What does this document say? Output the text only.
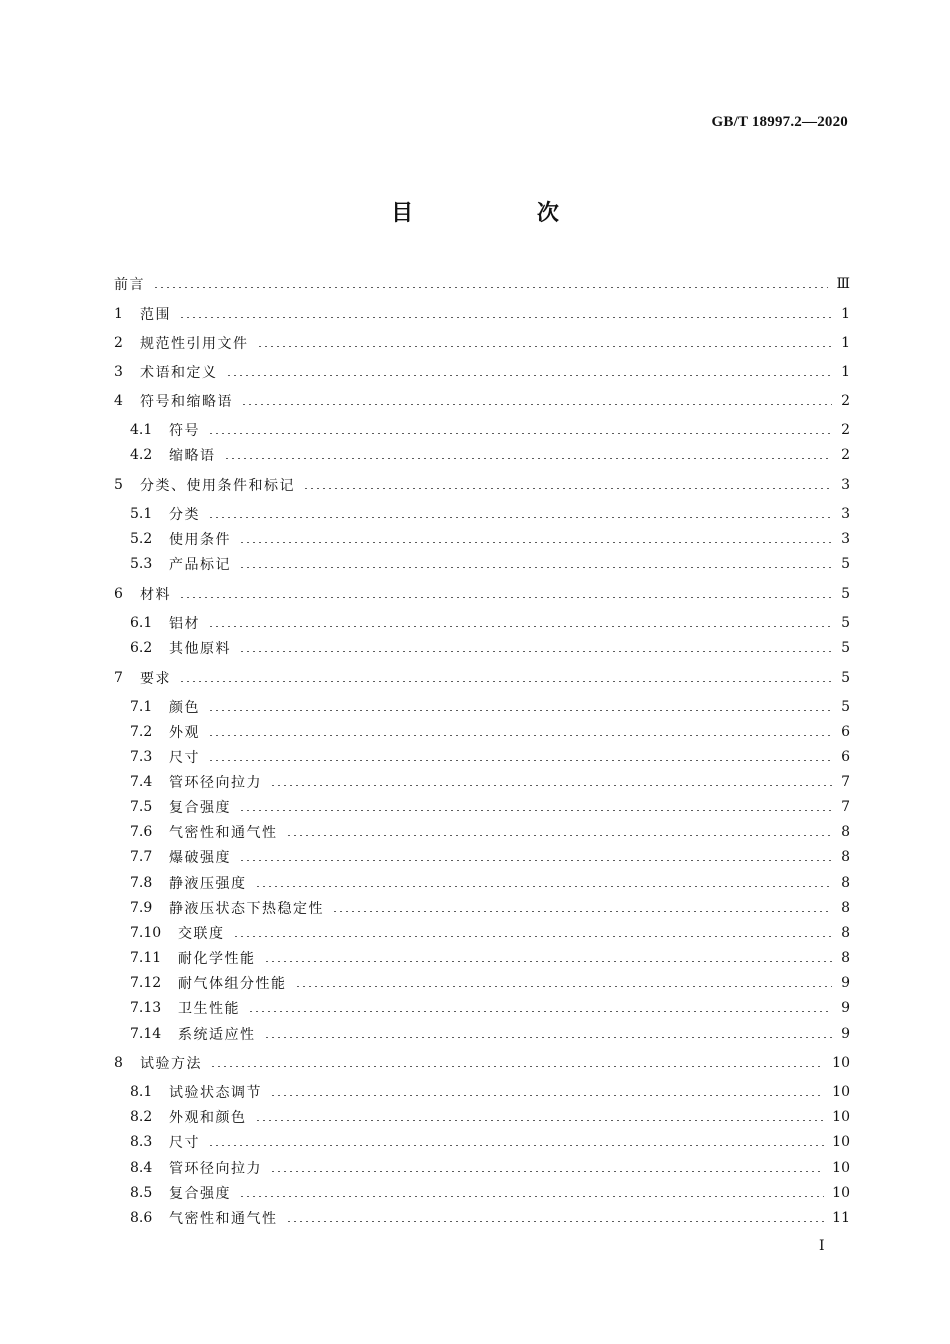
GB/T 18997.2—2020
目 次
前言	Ⅲ
1	范围	1
2	规范性引用文件	1
3	术语和定义	1
4	符号和缩略语	2
4.1	符号	2
4.2	缩略语	2
5	分类、使用条件和标记	3
5.1	分类	3
5.2	使用条件	3
5.3	产品标记	5
6	材料	5
6.1	铝材	5
6.2	其他原料	5
7	要求	5
7.1	颜色	5
7.2	外观	6
7.3	尺寸	6
7.4	管环径向拉力	7
7.5	复合强度	7
7.6	气密性和通气性	8
7.7	爆破强度	8
7.8	静液压强度	8
7.9	静液压状态下热稳定性	8
7.10	交联度	8
7.11	耐化学性能	8
7.12	耐气体组分性能	9
7.13	卫生性能	9
7.14	系统适应性	9
8	试验方法	10
8.1	试验状态调节	10
8.2	外观和颜色	10
8.3	尺寸	10
8.4	管环径向拉力	10
8.5	复合强度	10
8.6	气密性和通气性	11
Ⅰ
